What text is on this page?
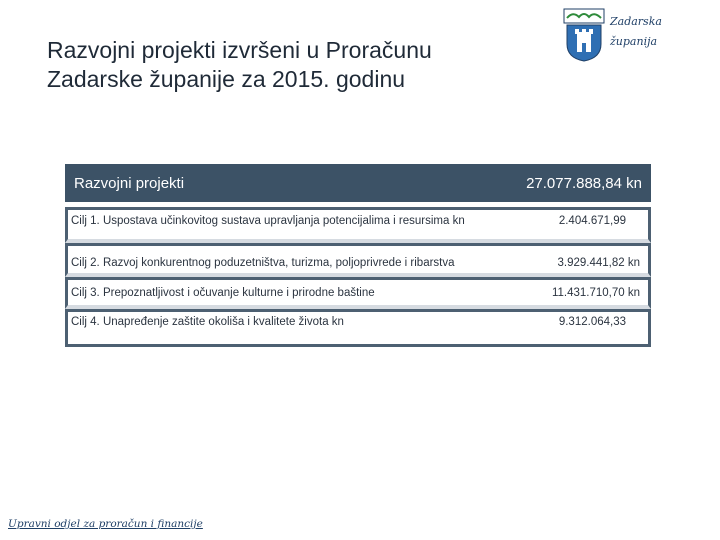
Razvojni projekti izvršeni u Proračunu
Zadarske županije za 2015. godinu
Zadarska
županija
Razvojni projekti	27.077.888,84 kn
Cilj 1. Uspostava učinkovitog sustava upravljanja potencijalima i resursima kn	2.404.671,99
Cilj 2. Razvoj konkurentnog poduzetništva, turizma, poljoprivrede i ribarstva	3.929.441,82 kn
Cilj 3. Prepoznatljivost i očuvanje kulturne i prirodne baštine	11.431.710,70 kn
Cilj 4. Unapređenje zaštite okoliša i kvalitete života kn	9.312.064,33
Upravni odjel za proračun i financije
